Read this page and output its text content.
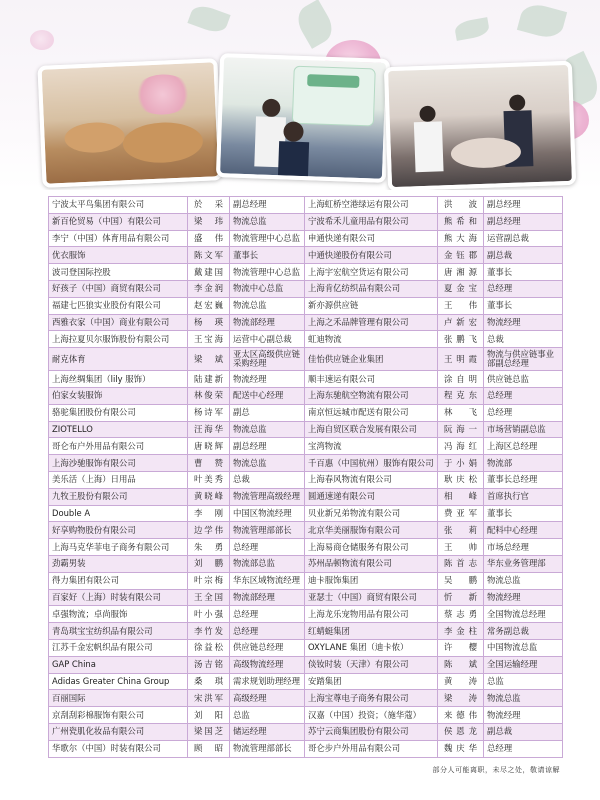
宁波太平鸟集团有限公司	於 采	副总经理	上海虹桥空港绿运有限公司	洪 波	副总经理
新百伦贸易（中国）有限公司	梁 玮	物流总监	宁波希禾儿童用品有限公司	熊希和	副总经理
李宁（中国）体育用品有限公司	盛 伟	物流管理中心总监	申通快递有限公司	熊大海	运营副总裁
优衣服饰	陈文军	董事长	中通快递股份有限公司	金 钰 郡	副总裁
波司登国际控股	戴建国	物流管理中心总监	上海宇宏航空货运有限公司	唐湘源	董事长
好孩子（中国）商贸有限公司	李金润	物流中心总监	上海肯亿纺织品有限公司	夏金宝	总经理
福建七匹狼实业股份有限公司	赵宏巍	物流总监	新亦源供应链	王 伟	董事长
西雅衣家（中国）商业有限公司	杨 瑛	物流部经理	上海之禾品牌管理有限公司	卢新宏	物流经理
上海拉夏贝尔服饰股份有限公司	王宝海	运营中心副总裁	虹迪物流	张鹏飞	总裁
耐克体育	梁 斌	亚太区高级供应链采购经理	佳怡供应链企业集团	王明霞	物流与供应链事业部副总经理
上海丝绸集团（lily 服饰）	陆建新	物流经理	顺丰速运有限公司	涂自明	供应链总监
伯家女装服饰	林俊荣	配送中心经理	上海东驰航空物流有限公司	程 克 东	总经理
骆驼集团股份有限公司	杨诗军	副总	南京恒远城市配送有限公司	林 飞	总经理
ZIOTELLO	汪海华	物流总监	上海自贸区联合发展有限公司	阮海一	市场营销副总监
哥仑布户外用品有限公司	唐晓辉	副总经理	宝湾物流	冯海红	上海区总经理
上海沙驰服饰有限公司	曹 赞	物流总监	千百惠（中国杭州）服饰有限公司	于小娟	物流部
美乐活（上海）日用品	叶美秀	总裁	上海春风物流有限公司	耿庆松	董事长总经理
九牧王股份有限公司	黄晓峰	物流管理高级经理	圆通速递有限公司	相 峰	首席执行官
Double A	李 刚	中国区物流经理	贝业新兄弟物流有限公司	费亚军	董事长
好享购物股份有限公司	边学伟	物流管理部部长	北京华美丽服饰有限公司	张 莉	配料中心经理
上海马克华菲电子商务有限公司	朱 勇	总经理	上海易商仓储服务有限公司	王 帅	市场总经理
劲霸男装	刘 鹏	物流部总监	苏州品顿物流有限公司	陈首志	华东业务管理部
得力集团有限公司	叶宗梅	华东区域物流经理	迪卡服饰集团	吴 鹏	物流总监
百家好（上海）时装有限公司	王全国	物流部经理	亚瑟士（中国）商贸有限公司	忻 新	物流经理
卓强物流；卓尚服饰	叶小强	总经理	上海龙乐宠物用品有限公司	蔡志勇	全国物流总经理
青岛琪宝宝纺织品有限公司	李竹发	总经理	红蜻蜓集团	李金柱	常务副总裁
江苏千金宏帆织品有限公司	徐益松	供应链总经理	OXYLANE 集团（迪卡侬）	许 樱	中国物流总监
GAP China	汤吉铭	高级物流经理	倓钕时装（天津）有限公司	陈 斌	全国运输经理
Adidas Greater China Group	桑 琪	需求规划助理经理	安踏集团	黄 涛	总监
百丽国际	宋洪军	高级经理	上海宝尊电子商务有限公司	梁 涛	物流总监
京刮刮彩棉服饰有限公司	刘 阳	总监	汉嘉（中国）投资；（施华蔻）	来德伟	物流经理
广州瓷肌化妆品有限公司	梁国芝	储运经理	苏宁云商集团股份有限公司	侯恩龙	副总裁
华歌尔（中国）时装有限公司	顾 昭	物流管理部部长	哥仑步户外用品有限公司	魏庆华	总经理
部分人可能离职，未尽之处，敬请谅解
